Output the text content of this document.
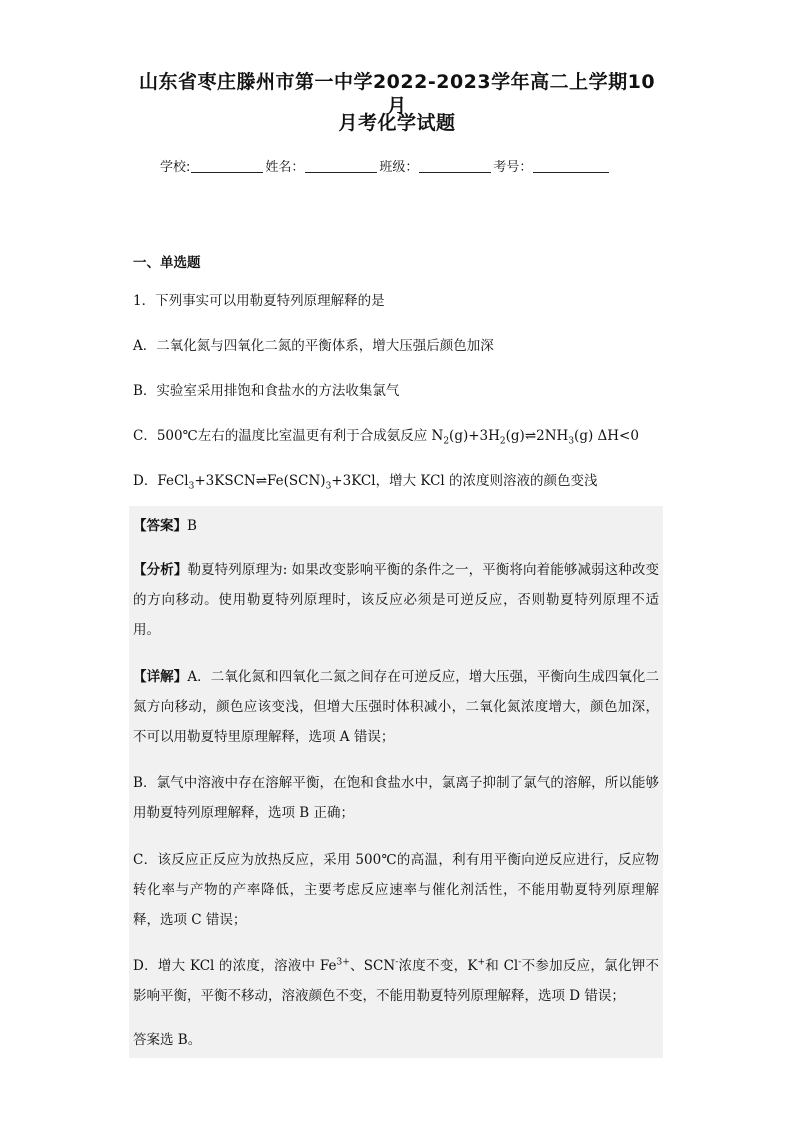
山东省枣庄滕州市第一中学2022-2023学年高二上学期10月
月考化学试题
学校:	姓名：	班级：	考号：
一、单选题
1．下列事实可以用勒夏特列原理解释的是
A．二氧化氮与四氧化二氮的平衡体系，增大压强后颜色加深
B．实验室采用排饱和食盐水的方法收集氯气
C．500℃左右的温度比室温更有利于合成氨反应 $N_2(g)+3H_2(g)\rightleftharpoons 2NH_3(g)$ ΔH<0
D．$FeCl_3+3KSCN\rightleftharpoons Fe(SCN)_3+3KCl$，增大 KCl 的浓度则溶液的颜色变浅
【答案】B
【分析】勒夏特列原理为: 如果改变影响平衡的条件之一，平衡将向着能够减弱这种改变的方向移动。使用勒夏特列原理时，该反应必须是可逆反应，否则勒夏特列原理不适用。
【详解】A．二氧化氮和四氧化二氮之间存在可逆反应，增大压强，平衡向生成四氧化二氮方向移动，颜色应该变浅，但增大压强时体积减小，二氧化氮浓度增大，颜色加深，不可以用勒夏特里原理解释，选项 A 错误；
B．氯气中溶液中存在溶解平衡，在饱和食盐水中，氯离子抑制了氯气的溶解，所以能够用勒夏特列原理解释，选项 B 正确；
C．该反应正反应为放热反应，采用 500℃的高温，利有用平衡向逆反应进行，反应物转化率与产物的产率降低，主要考虑反应速率与催化剂活性，不能用勒夏特列原理解释，选项 C 错误；
D．增大 KCl 的浓度，溶液中 $Fe^{3+}$、SCN-浓度不变，K+和 Cl-不参加反应，氯化钾不影响平衡，平衡不移动，溶液颜色不变，不能用勒夏特列原理解释，选项 D 错误；
答案选 B。
